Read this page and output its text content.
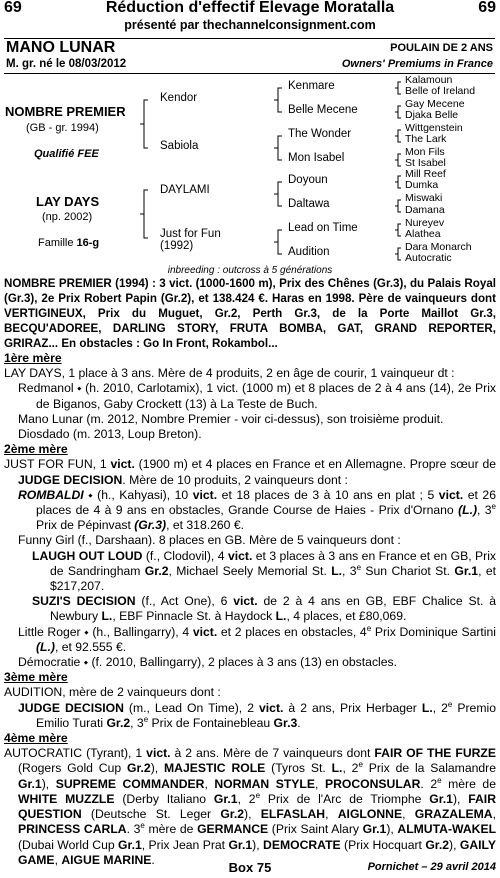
69	Réduction d'effectif Elevage Moratalla	69
présenté par thechannelconsignment.com
MANO LUNAR	POULAIN DE 2 ANS
M. gr. né le 08/03/2012	Owners' Premiums in France
NOMBRE PREMIER
(GB - gr. 1994)
Qualifié FEE
LAY DAYS
(np. 2002)
Famille 16-g
Kendor
Sabiola
DAYLAMI
Just for Fun
(1992)
Kenmare
Belle Mecene
The Wonder
Mon Isabel
Doyoun
Daltawa
Lead on Time
Audition
Kalamoun
Belle of Ireland
Gay Mecene
Djaka Belle
Wittgenstein
The Lark
Mon Fils
St Isabel
Mill Reef
Dumka
Miswaki
Damana
Nureyev
Alathea
Dara Monarch
Autocratic
inbreeding : outcross à 5 générations

NOMBRE PREMIER (1994) : 3 vict. (1000-1600 m), Prix des Chênes (Gr.3), du Palais Royal (Gr.3), 2e Prix Robert Papin (Gr.2), et 138.424 €. Haras en 1998. Père de vainqueurs dont VERTIGINEUX, Prix du Muguet, Gr.2, Perth Gr.3, de la Porte Maillot Gr.3, BECQU'ADOREE, DARLING STORY, FRUTA BOMBA, GAT, GRAND REPORTER, GRIRAZ... En obstacles : Go In Front, Rokambol...

1ère mère

LAY DAYS, 1 place à 3 ans. Mère de 4 produits, 2 en âge de courir, 1 vainqueur dt :

Redmanol ⬩ (h. 2010, Carlotamix), 1 vict. (1000 m) et 8 places de 2 à 4 ans (14), 2e Prix de Biganos, Gaby Crockett (13) à La Teste de Buch.

Mano Lunar (m. 2012, Nombre Premier - voir ci-dessus), son troisième produit.

Diosdado (m. 2013, Loup Breton).

2ème mère

JUST FOR FUN, 1 vict. (1900 m) et 4 places en France et en Allemagne. Propre sœur de JUDGE DECISION. Mère de 10 produits, 2 vainqueurs dont :

ROMBALDI ⬩ (h., Kahyasi), 10 vict. et 18 places de 3 à 10 ans en plat ; 5 vict. et 26 places de 4 à 9 ans en obstacles, Grande Course de Haies - Prix d'Ornano (L.), 3e Prix de Pépinvast (Gr.3), et 318.260 €.

Funny Girl (f., Darshaan). 8 places en GB. Mère de 5 vainqueurs dont :

LAUGH OUT LOUD (f., Clodovil), 4 vict. et 3 places à 3 ans en France et en GB, Prix de Sandringham Gr.2, Michael Seely Memorial St. L., 3e Sun Chariot St. Gr.1, et $217,207.

SUZI'S DECISION (f., Act One), 6 vict. de 2 à 4 ans en GB, EBF Chalice St. à Newbury L., EBF Pinnacle St. à Haydock L., 4 places, et £80,069.

Little Roger ⬩ (h., Ballingarry), 4 vict. et 2 places en obstacles, 4e Prix Dominique Sartini (L.), et 92.555 €.

Démocratie ⬩ (f. 2010, Ballingarry), 2 places à 3 ans (13) en obstacles.

3ème mère

AUDITION, mère de 2 vainqueurs dont :

JUDGE DECISION (m., Lead On Time), 2 vict. à 2 ans, Prix Herbager L., 2e Premio Emilio Turati Gr.2, 3e Prix de Fontainebleau Gr.3.

4ème mère

AUTOCRATIC (Tyrant), 1 vict. à 2 ans. Mère de 7 vainqueurs dont FAIR OF THE FURZE (Rogers Gold Cup Gr.2), MAJESTIC ROLE (Tyros St. L., 2e Prix de la Salamandre Gr.1), SUPREME COMMANDER, NORMAN STYLE, PROCONSULAR. 2e mère de WHITE MUZZLE (Derby Italiano Gr.1, 2e Prix de l'Arc de Triomphe Gr.1), FAIR QUESTION (Deutsche St. Leger Gr.2), ELFASLAH, AIGLONNE, GRAZALEMA, PRINCESS CARLA. 3e mère de GERMANCE (Prix Saint Alary Gr.1), ALMUTA-WAKEL (Dubai World Cup Gr.1, Prix Jean Prat Gr.1), DEMOCRATE (Prix Hocquart Gr.2), GAILY GAME, AIGUE MARINE.

Box 75	Pornichet – 29 avril 2014
